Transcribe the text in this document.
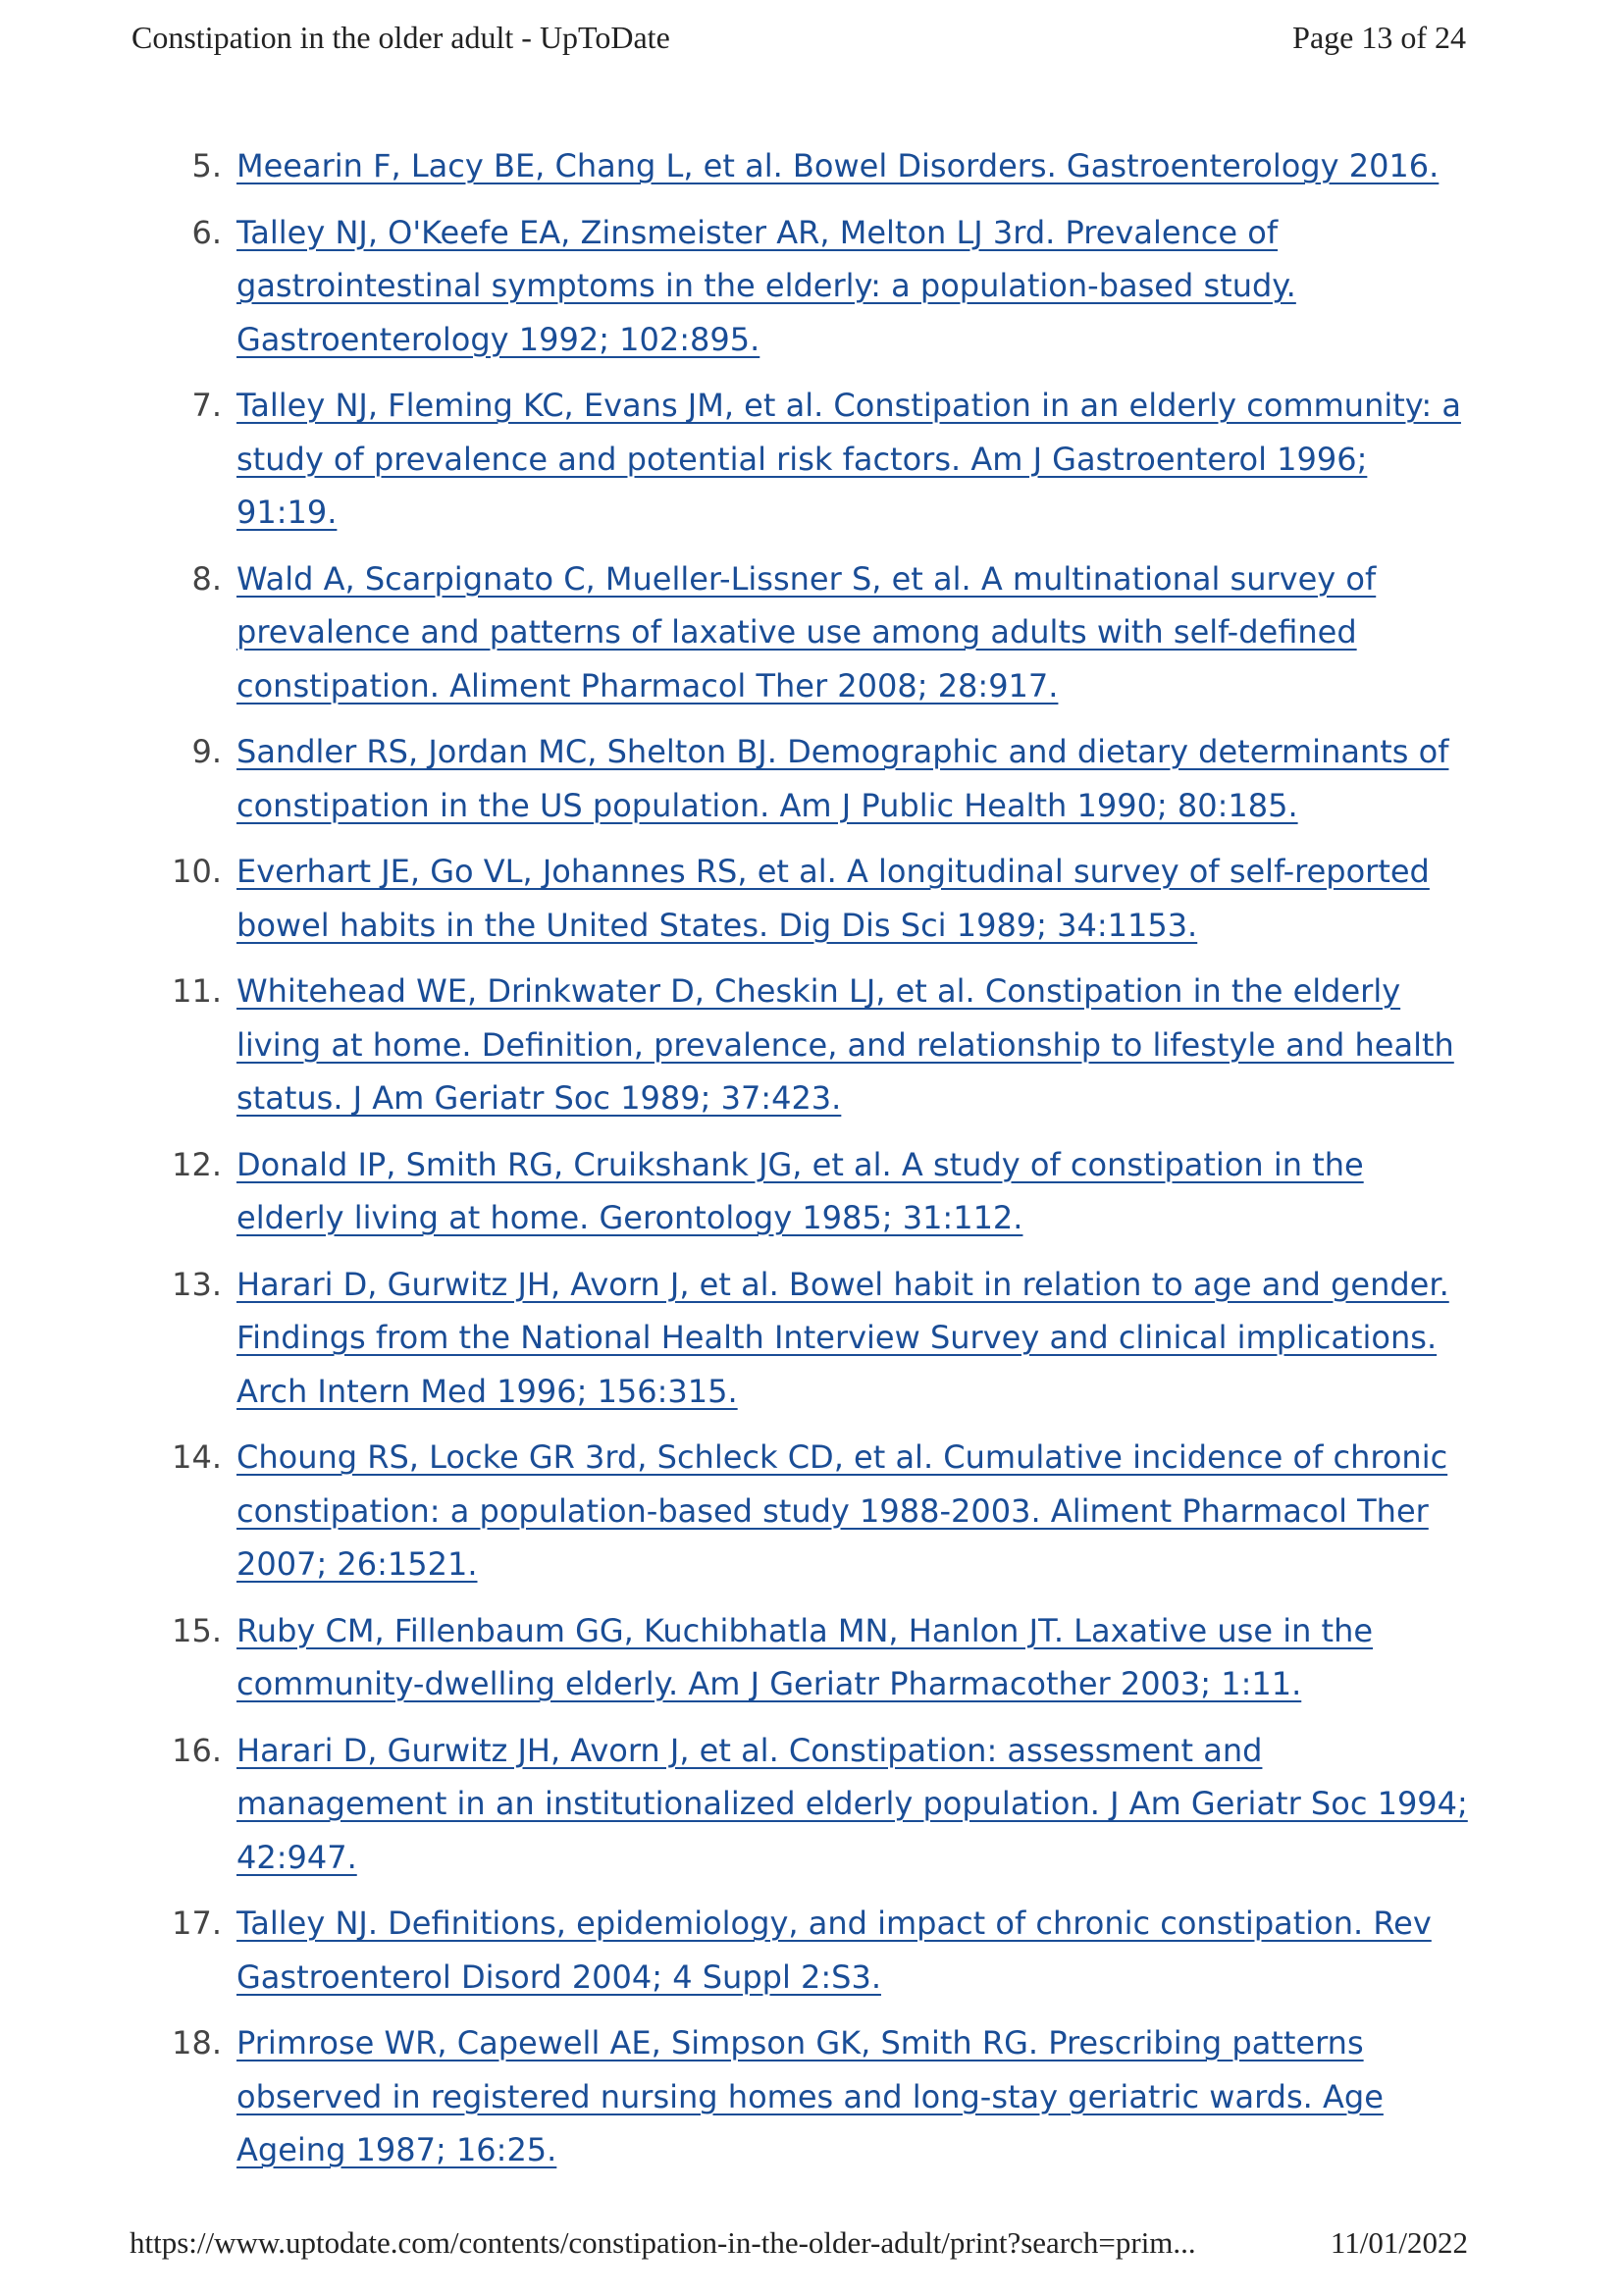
Constipation in the older adult - UpToDate	Page 13 of 24
5. Meearin F, Lacy BE, Chang L, et al. Bowel Disorders. Gastroenterology 2016.
6. Talley NJ, O'Keefe EA, Zinsmeister AR, Melton LJ 3rd. Prevalence of gastrointestinal symptoms in the elderly: a population-based study. Gastroenterology 1992; 102:895.
7. Talley NJ, Fleming KC, Evans JM, et al. Constipation in an elderly community: a study of prevalence and potential risk factors. Am J Gastroenterol 1996; 91:19.
8. Wald A, Scarpignato C, Mueller-Lissner S, et al. A multinational survey of prevalence and patterns of laxative use among adults with self-defined constipation. Aliment Pharmacol Ther 2008; 28:917.
9. Sandler RS, Jordan MC, Shelton BJ. Demographic and dietary determinants of constipation in the US population. Am J Public Health 1990; 80:185.
10. Everhart JE, Go VL, Johannes RS, et al. A longitudinal survey of self-reported bowel habits in the United States. Dig Dis Sci 1989; 34:1153.
11. Whitehead WE, Drinkwater D, Cheskin LJ, et al. Constipation in the elderly living at home. Definition, prevalence, and relationship to lifestyle and health status. J Am Geriatr Soc 1989; 37:423.
12. Donald IP, Smith RG, Cruikshank JG, et al. A study of constipation in the elderly living at home. Gerontology 1985; 31:112.
13. Harari D, Gurwitz JH, Avorn J, et al. Bowel habit in relation to age and gender. Findings from the National Health Interview Survey and clinical implications. Arch Intern Med 1996; 156:315.
14. Choung RS, Locke GR 3rd, Schleck CD, et al. Cumulative incidence of chronic constipation: a population-based study 1988-2003. Aliment Pharmacol Ther 2007; 26:1521.
15. Ruby CM, Fillenbaum GG, Kuchibhatla MN, Hanlon JT. Laxative use in the community-dwelling elderly. Am J Geriatr Pharmacother 2003; 1:11.
16. Harari D, Gurwitz JH, Avorn J, et al. Constipation: assessment and management in an institutionalized elderly population. J Am Geriatr Soc 1994; 42:947.
17. Talley NJ. Definitions, epidemiology, and impact of chronic constipation. Rev Gastroenterol Disord 2004; 4 Suppl 2:S3.
18. Primrose WR, Capewell AE, Simpson GK, Smith RG. Prescribing patterns observed in registered nursing homes and long-stay geriatric wards. Age Ageing 1987; 16:25.
https://www.uptodate.com/contents/constipation-in-the-older-adult/print?search=prim...	11/01/2022
